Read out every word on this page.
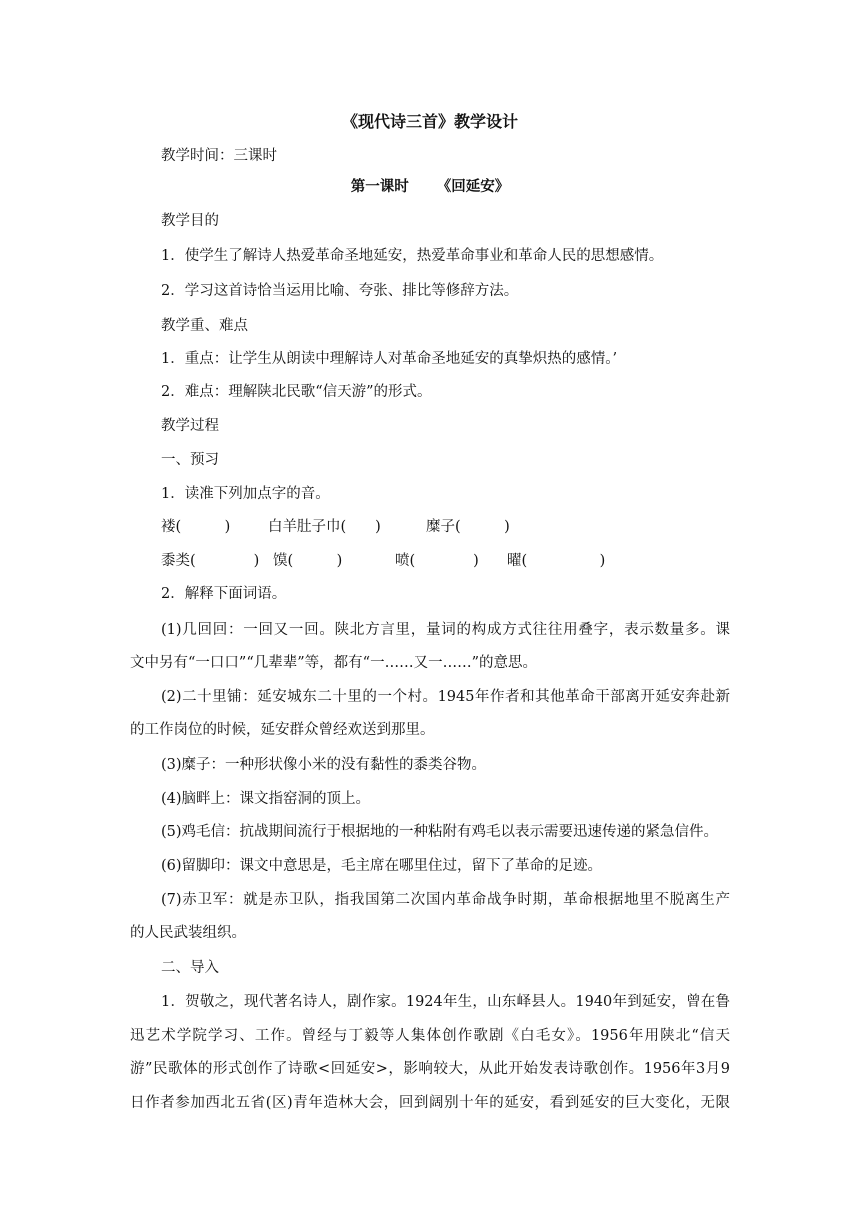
《现代诗三首》教学设计
教学时间：三课时
第一课时 《回延安》
教学目的
1．使学生了解诗人热爱革命圣地延安，热爱革命事业和革命人民的思想感情。
2．学习这首诗恰当运用比喻、夸张、排比等修辞方法。
教学重、难点
1．重点：让学生从朗读中理解诗人对革命圣地延安的真挚炽热的感情。’
2．难点：理解陕北民歌“信天游”的形式。
教学过程
一、预习
1．读准下列加点字的音。
褛(　　　)	白羊肚子巾(　　)	糜子(　　　)
黍类(　　　　) 馍(　　　)	喷(　　　　) 曜(　　　　　)
2．解释下面词语。
(1)几回回：一回又一回。陕北方言里，量词的构成方式往往用叠字，表示数量多。课
文中另有“一口口”“几辈辈”等，都有“一……又一……”的意思。
(2)二十里铺：延安城东二十里的一个村。1945年作者和其他革命干部离开延安奔赴新
的工作岗位的时候，延安群众曾经欢送到那里。
(3)糜子：一种形状像小米的没有黏性的黍类谷物。
(4)脑畔上：课文指窑洞的顶上。
(5)鸡毛信：抗战期间流行于根据地的一种粘附有鸡毛以表示需要迅速传递的紧急信件。
(6)留脚印：课文中意思是，毛主席在哪里住过，留下了革命的足迹。
(7)赤卫军：就是赤卫队，指我国第二次国内革命战争时期，革命根据地里不脱离生产
的人民武装组织。
二、导入
1．贺敬之，现代著名诗人，剧作家。1924年生，山东峄县人。1940年到延安，曾在鲁
迅艺术学院学习、工作。曾经与丁毅等人集体创作歌剧《白毛女》。1956年用陕北“信天
游”民歌体的形式创作了诗歌<回延安>，影响较大，从此开始发表诗歌创作。1956年3月9
日作者参加西北五省(区)青年造林大会，回到阔别十年的延安，看到延安的巨大变化，无限
